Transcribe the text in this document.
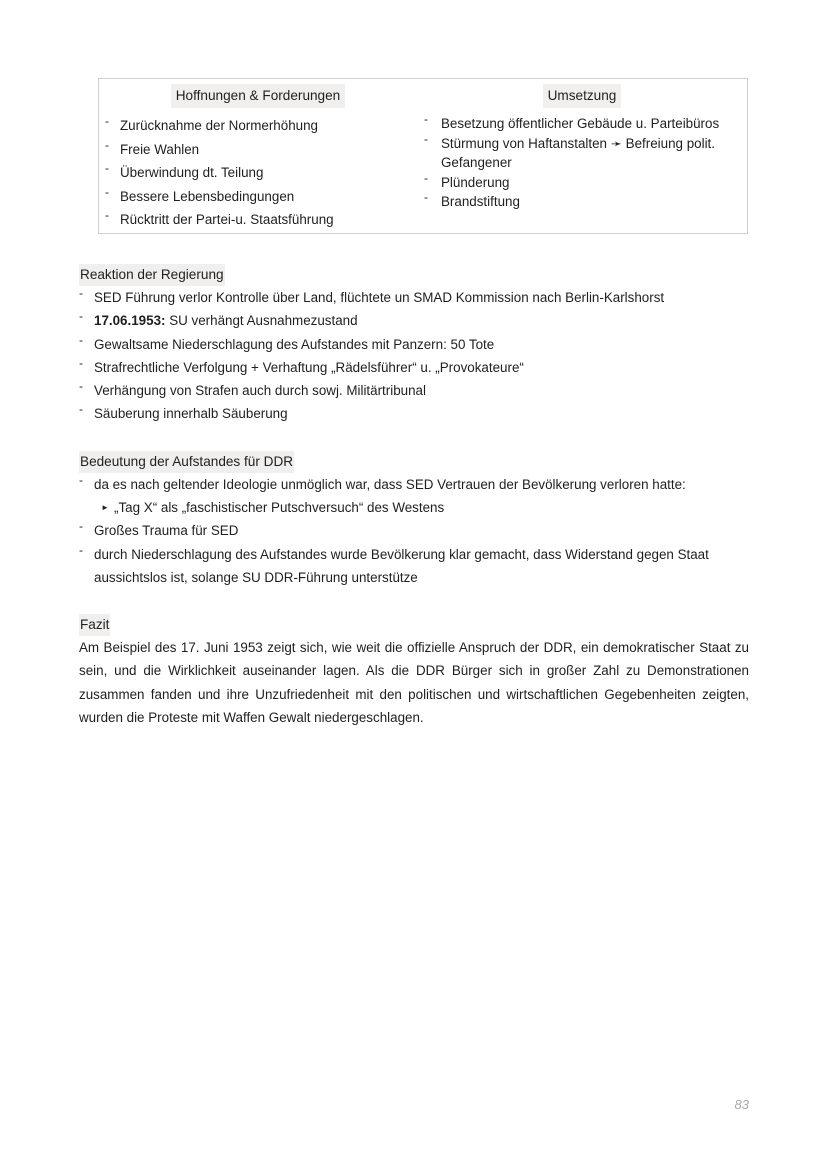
Hoffnungen & Forderungen
- Zurücknahme der Normerhöhung
- Freie Wahlen
- Überwindung dt. Teilung
- Bessere Lebensbedingungen
- Rücktritt der Partei-u. Staatsführung
Umsetzung
- Besetzung öffentlicher Gebäude u. Parteibüros
- Stürmung von Haftanstalten ➛ Befreiung polit. Gefangener
- Plünderung
- Brandstiftung
Reaktion der Regierung
- SED Führung verlor Kontrolle über Land, flüchtete un SMAD Kommission nach Berlin-Karlshorst
- 17.06.1953: SU verhängt Ausnahmezustand
- Gewaltsame Niederschlagung des Aufstandes mit Panzern: 50 Tote
- Strafrechtliche Verfolgung + Verhaftung „Rädelsführer“ u. „Provokateure“
- Verhängung von Strafen auch durch sowj. Militärtribunal
- Säuberung innerhalb Säuberung
Bedeutung der Aufstandes für DDR
- da es nach geltender Ideologie unmöglich war, dass SED Vertrauen der Bevölkerung verloren hatte:
► „Tag X“ als „faschistischer Putschversuch“ des Westens
- Großes Trauma für SED
- durch Niederschlagung des Aufstandes wurde Bevölkerung klar gemacht, dass Widerstand gegen Staat aussichtslos ist, solange SU DDR-Führung unterstütze
Fazit

Am Beispiel des 17. Juni 1953 zeigt sich, wie weit die offizielle Anspruch der DDR, ein demokratischer Staat zu sein, und die Wirklichkeit auseinander lagen. Als die DDR Bürger sich in großer Zahl zu Demonstrationen zusammen fanden und ihre Unzufriedenheit mit den politischen und wirtschaftlichen Gegebenheiten zeigten, wurden die Proteste mit Waffen Gewalt niedergeschlagen.

83
